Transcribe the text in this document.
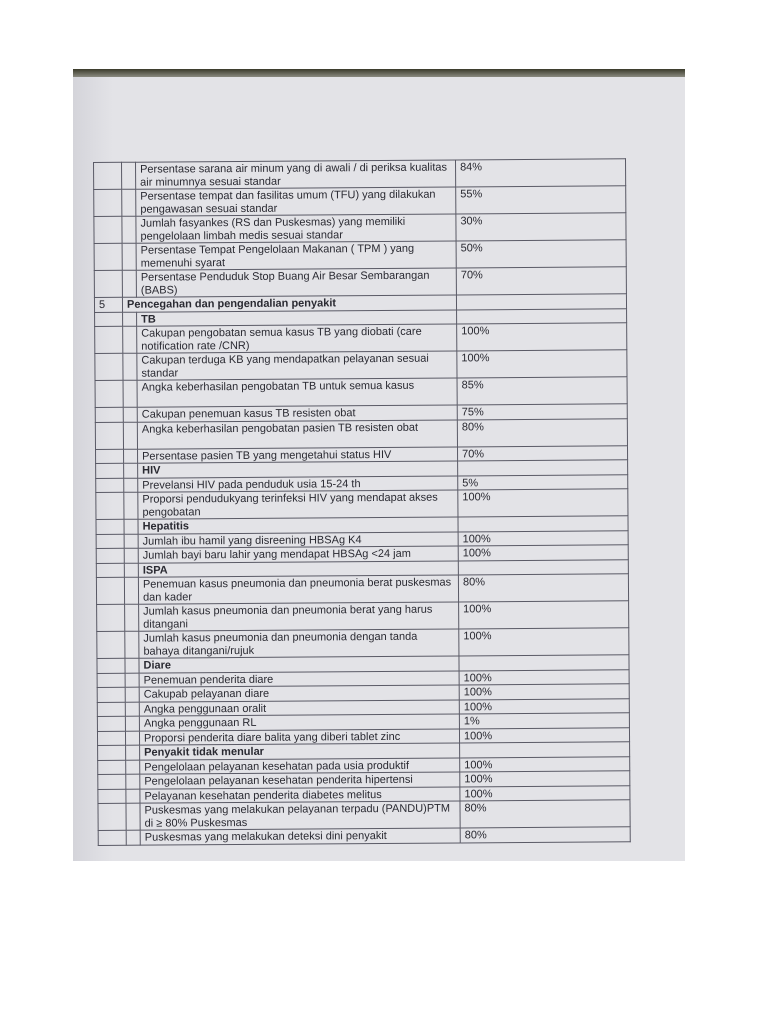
		Persentase sarana air minum yang di awali / di periksa kualitas air minumnya sesuai standar	84%
		Persentase tempat dan fasilitas umum (TFU) yang dilakukan pengawasan sesuai standar	55%
		Jumlah fasyankes (RS dan Puskesmas) yang memiliki pengelolaan limbah medis sesuai standar	30%
		Persentase Tempat Pengelolaan Makanan ( TPM ) yang memenuhi syarat	50%
		Persentase Penduduk Stop Buang Air Besar Sembarangan (BABS)	70%
5	Pencegahan dan pengendalian penyakit		
		TB	
		Cakupan pengobatan semua kasus TB yang diobati (care notification rate /CNR)	100%
		Cakupan terduga KB yang mendapatkan pelayanan sesuai standar	100%
		Angka keberhasilan pengobatan TB untuk semua kasus	85%
		Cakupan penemuan kasus TB resisten obat	75%
		Angka keberhasilan pengobatan pasien TB resisten obat	80%
		Persentase pasien TB yang mengetahui status HIV	70%
		HIV	
		Prevelansi HIV pada penduduk usia 15-24 th	5%
		Proporsi pendudukyang terinfeksi HIV yang mendapat akses pengobatan	100%
		Hepatitis	
		Jumlah ibu hamil yang disreening HBSAg K4	100%
		Jumlah bayi baru lahir yang mendapat HBSAg <24 jam	100%
		ISPA	
		Penemuan kasus pneumonia dan pneumonia berat puskesmas dan kader	80%
		Jumlah kasus pneumonia dan pneumonia berat yang harus ditangani	100%
		Jumlah kasus pneumonia dan pneumonia dengan tanda bahaya ditangani/rujuk	100%
		Diare	
		Penemuan penderita diare	100%
		Cakupab pelayanan diare	100%
		Angka penggunaan oralit	100%
		Angka penggunaan RL	1%
		Proporsi penderita diare balita yang diberi tablet zinc	100%
		Penyakit tidak menular	
		Pengelolaan pelayanan kesehatan pada usia produktif	100%
		Pengelolaan pelayanan kesehatan penderita hipertensi	100%
		Pelayanan kesehatan penderita diabetes melitus	100%
		Puskesmas yang melakukan pelayanan terpadu (PANDU)PTM di ≥ 80% Puskesmas	80%
		Puskesmas yang melakukan deteksi dini penyakit	80%
